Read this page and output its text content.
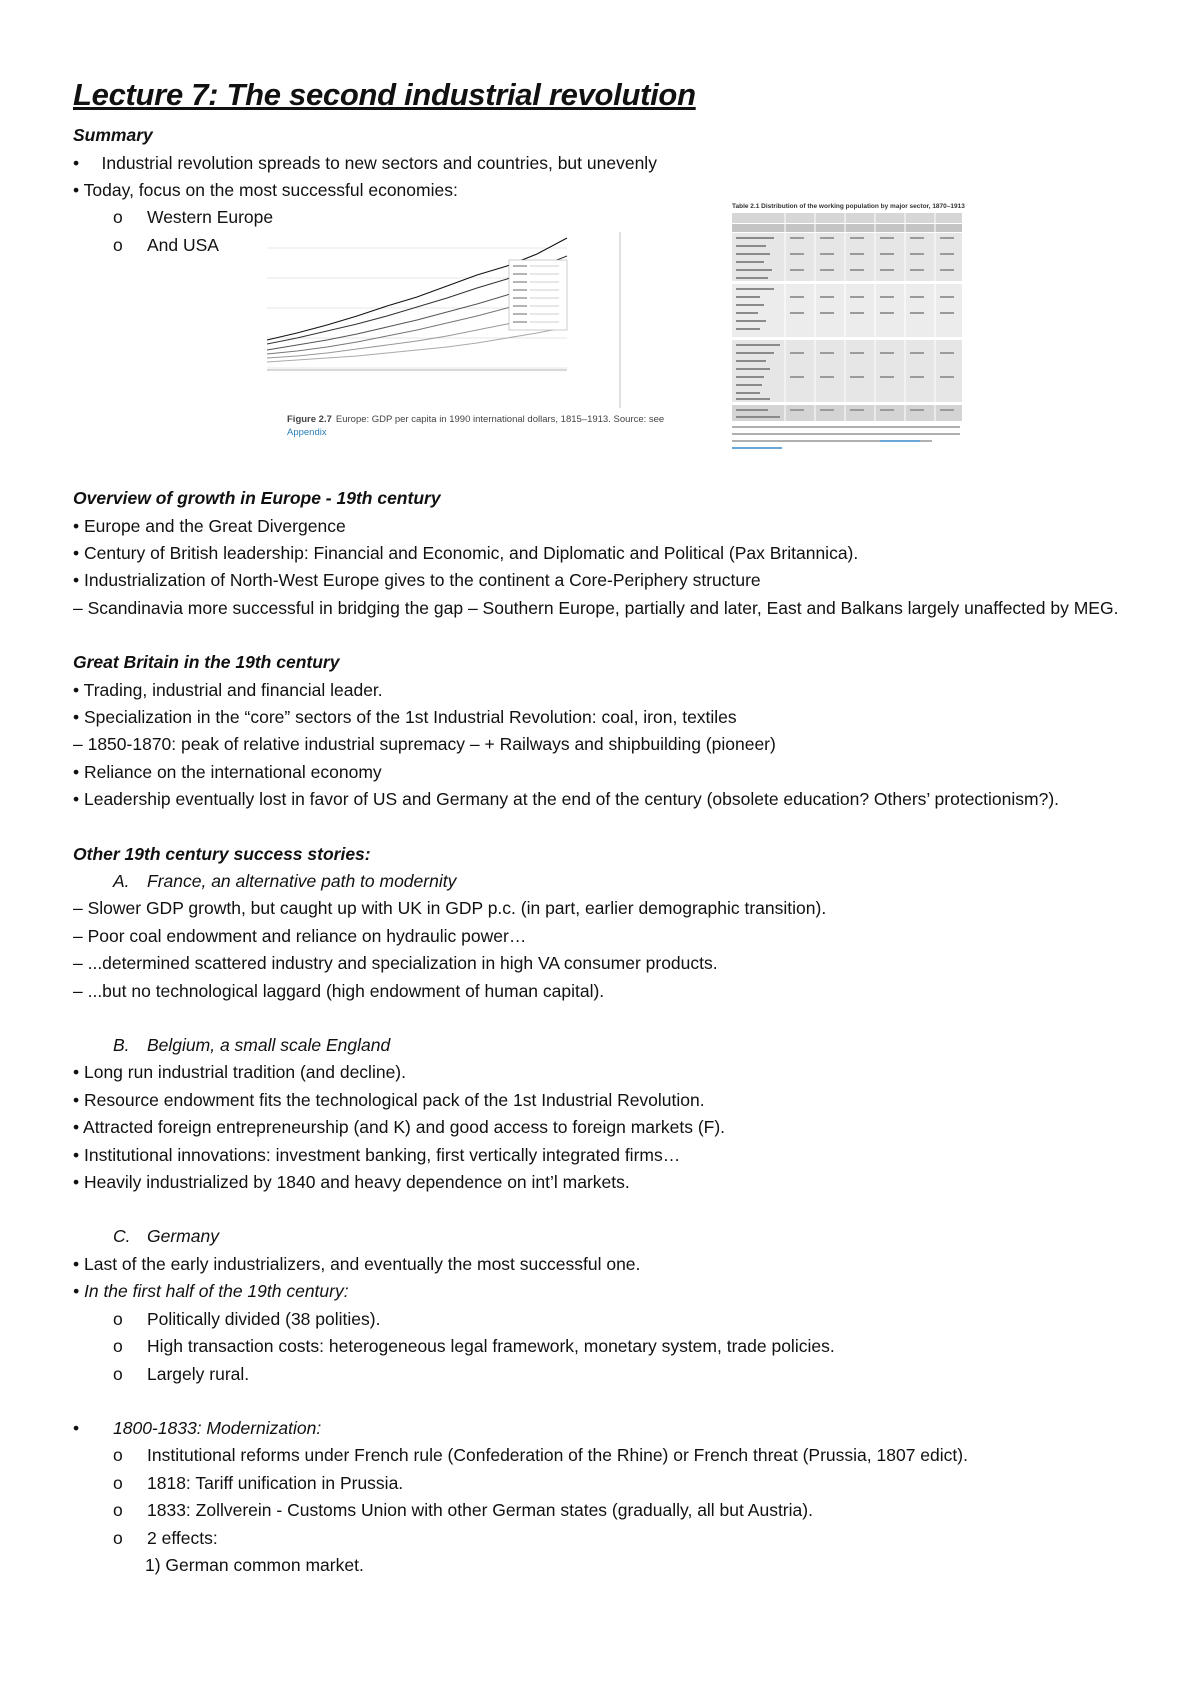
Lecture 7: The second industrial revolution
Summary
•  Industrial revolution spreads to new sectors and countries, but unevenly
• Today, focus on the most successful economies:
o Western Europe
o And USA
Overview of growth in Europe - 19th century
• Europe and the Great Divergence
• Century of British leadership: Financial and Economic, and Diplomatic and Political (Pax Britannica).
• Industrialization of North-West Europe gives to the continent a Core-Periphery structure
– Scandinavia more successful in bridging the gap – Southern Europe, partially and later, East and Balkans largely unaffected by MEG.
Great Britain in the 19th century
• Trading, industrial and financial leader.
• Specialization in the “core” sectors of the 1st Industrial Revolution: coal, iron, textiles
– 1850-1870: peak of relative industrial supremacy – + Railways and shipbuilding (pioneer)
• Reliance on the international economy
• Leadership eventually lost in favor of US and Germany at the end of the century (obsolete education? Others’ protectionism?).
Other 19th century success stories:
A. France, an alternative path to modernity
– Slower GDP growth, but caught up with UK in GDP p.c. (in part, earlier demographic transition).
– Poor coal endowment and reliance on hydraulic power…
– ...determined scattered industry and specialization in high VA consumer products.
– ...but no technological laggard (high endowment of human capital).
B. Belgium, a small scale England
• Long run industrial tradition (and decline).
• Resource endowment fits the technological pack of the 1st Industrial Revolution.
• Attracted foreign entrepreneurship (and K) and good access to foreign markets (F).
• Institutional innovations: investment banking, first vertically integrated firms…
• Heavily industrialized by 1840 and heavy dependence on int’l markets.
C. Germany
• Last of the early industrializers, and eventually the most successful one.
• In the first half of the 19th century:
o Politically divided (38 polities).
o High transaction costs: heterogeneous legal framework, monetary system, trade policies.
o Largely rural.
• 1800-1833: Modernization:
o Institutional reforms under French rule (Confederation of the Rhine) or French threat (Prussia, 1807 edict).
o 1818: Tariff unification in Prussia.
o 1833: Zollverein - Customs Union with other German states (gradually, all but Austria).
o 2 effects:
1) German common market.
Figure 2.7 Europe: GDP per capita in 1990 international dollars, 1815–1913. Source: see
Appendix
Table 2.1 Distribution of the working population by major sector, 1870–1913
